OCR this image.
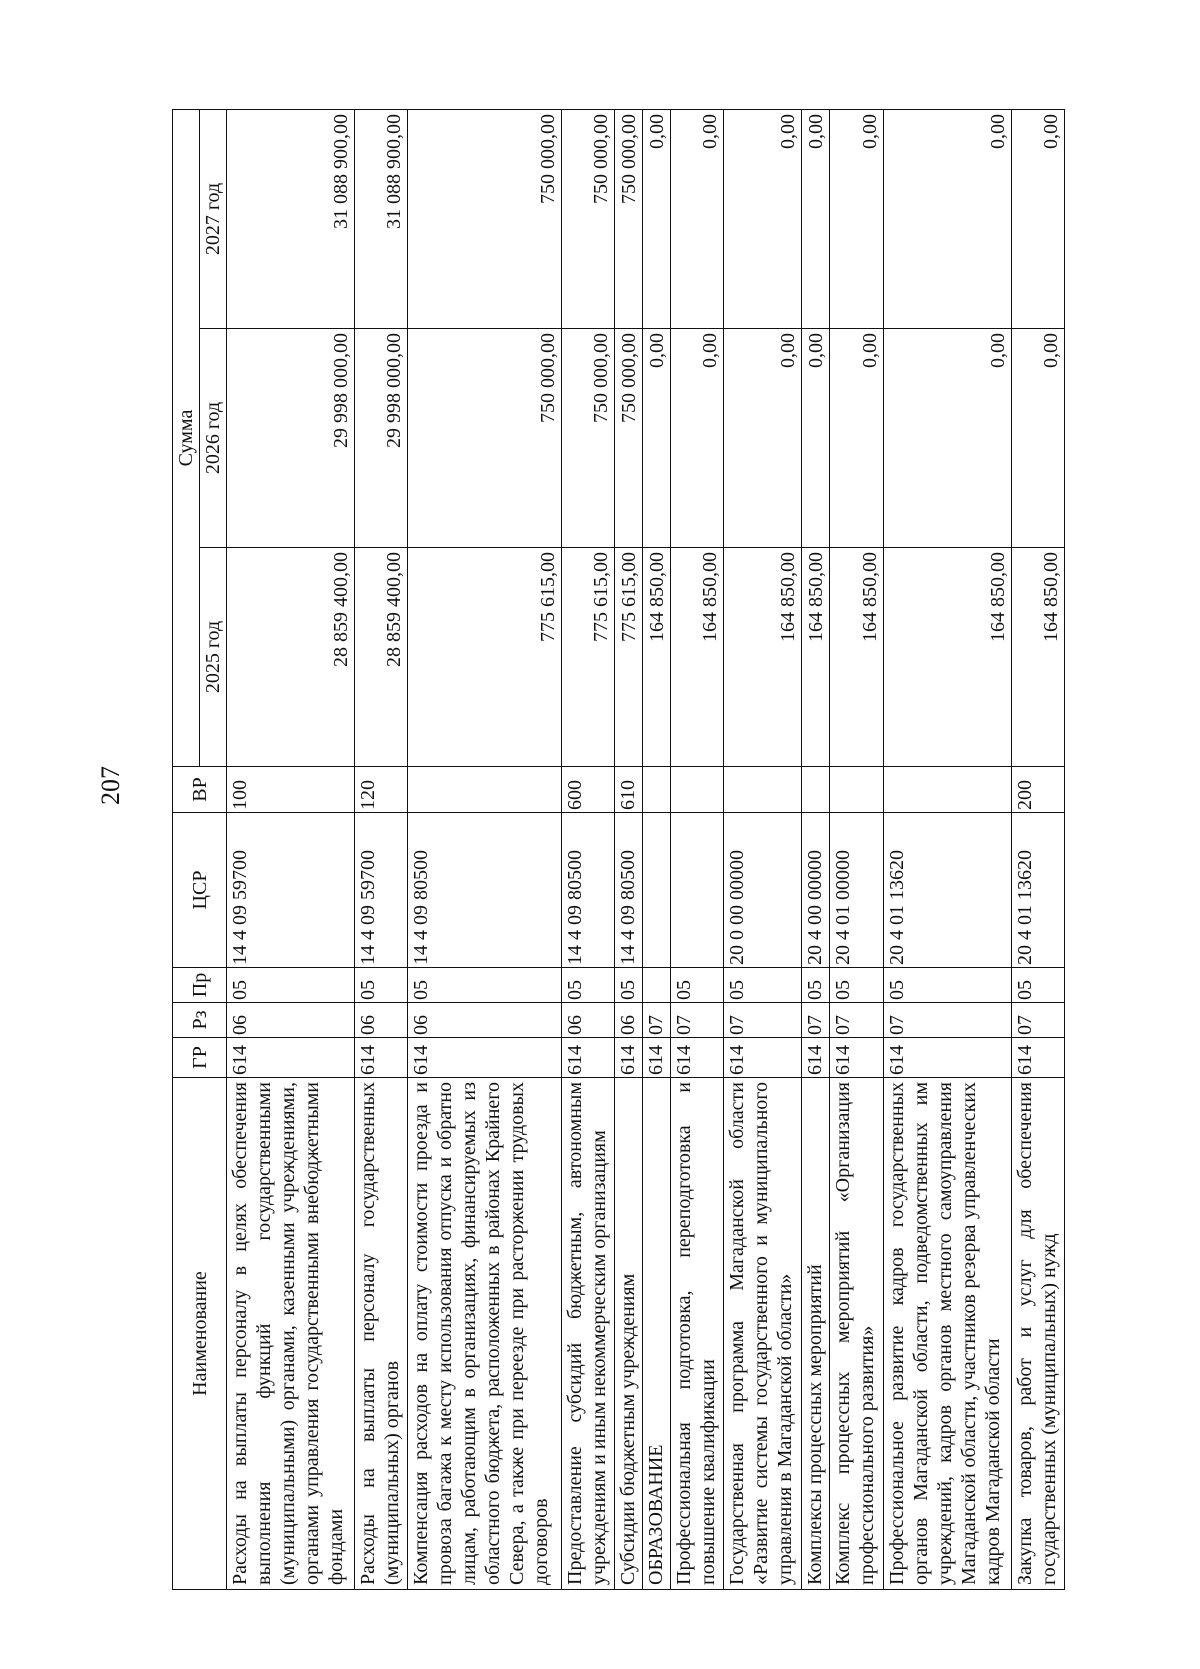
207
Наименование	ГР	Рз	Пр	ЦСР	ВР	Сумма		
						2025 год	2026 год	2027 год
Расходы на выплаты персоналу в целях обеспечения выполнения функций государственными (муниципальными) органами, казенными учреждениями, органами управления государственными внебюджетными фондами	614	06	05	14 4 09 59700	100	28 859 400,00	29 998 000,00	31 088 900,00
Расходы на выплаты персоналу государственных (муниципальных) органов	614	06	05	14 4 09 59700	120	28 859 400,00	29 998 000,00	31 088 900,00
Компенсация расходов на оплату стоимости проезда и провоза багажа к месту использования отпуска и обратно лицам, работающим в организациях, финансируемых из областного бюджета, расположенных в районах Крайнего Севера, а также при переезде при расторжении трудовых договоров	614	06	05	14 4 09 80500		775 615,00	750 000,00	750 000,00
Предоставление субсидий бюджетным, автономным учреждениям и иным некоммерческим организациям	614	06	05	14 4 09 80500	600	775 615,00	750 000,00	750 000,00
Субсидии бюджетным учреждениям	614	06	05	14 4 09 80500	610	775 615,00	750 000,00	750 000,00
ОБРАЗОВАНИЕ	614	07				164 850,00	0,00	0,00
Профессиональная подготовка, переподготовка и повышение квалификации	614	07	05			164 850,00	0,00	0,00
Государственная программа Магаданской области «Развитие системы государственного и муниципального управления в Магаданской области»	614	07	05	20 0 00 00000		164 850,00	0,00	0,00
Комплексы процессных мероприятий	614	07	05	20 4 00 00000		164 850,00	0,00	0,00
Комплекс процессных мероприятий «Организация профессионального развития»	614	07	05	20 4 01 00000		164 850,00	0,00	0,00
Профессиональное развитие кадров государственных органов Магаданской области, подведомственных им учреждений, кадров органов местного самоуправления Магаданской области, участников резерва управленческих кадров Магаданской области	614	07	05	20 4 01 13620		164 850,00	0,00	0,00
Закупка товаров, работ и услуг для обеспечения государственных (муниципальных) нужд	614	07	05	20 4 01 13620	200	164 850,00	0,00	0,00
